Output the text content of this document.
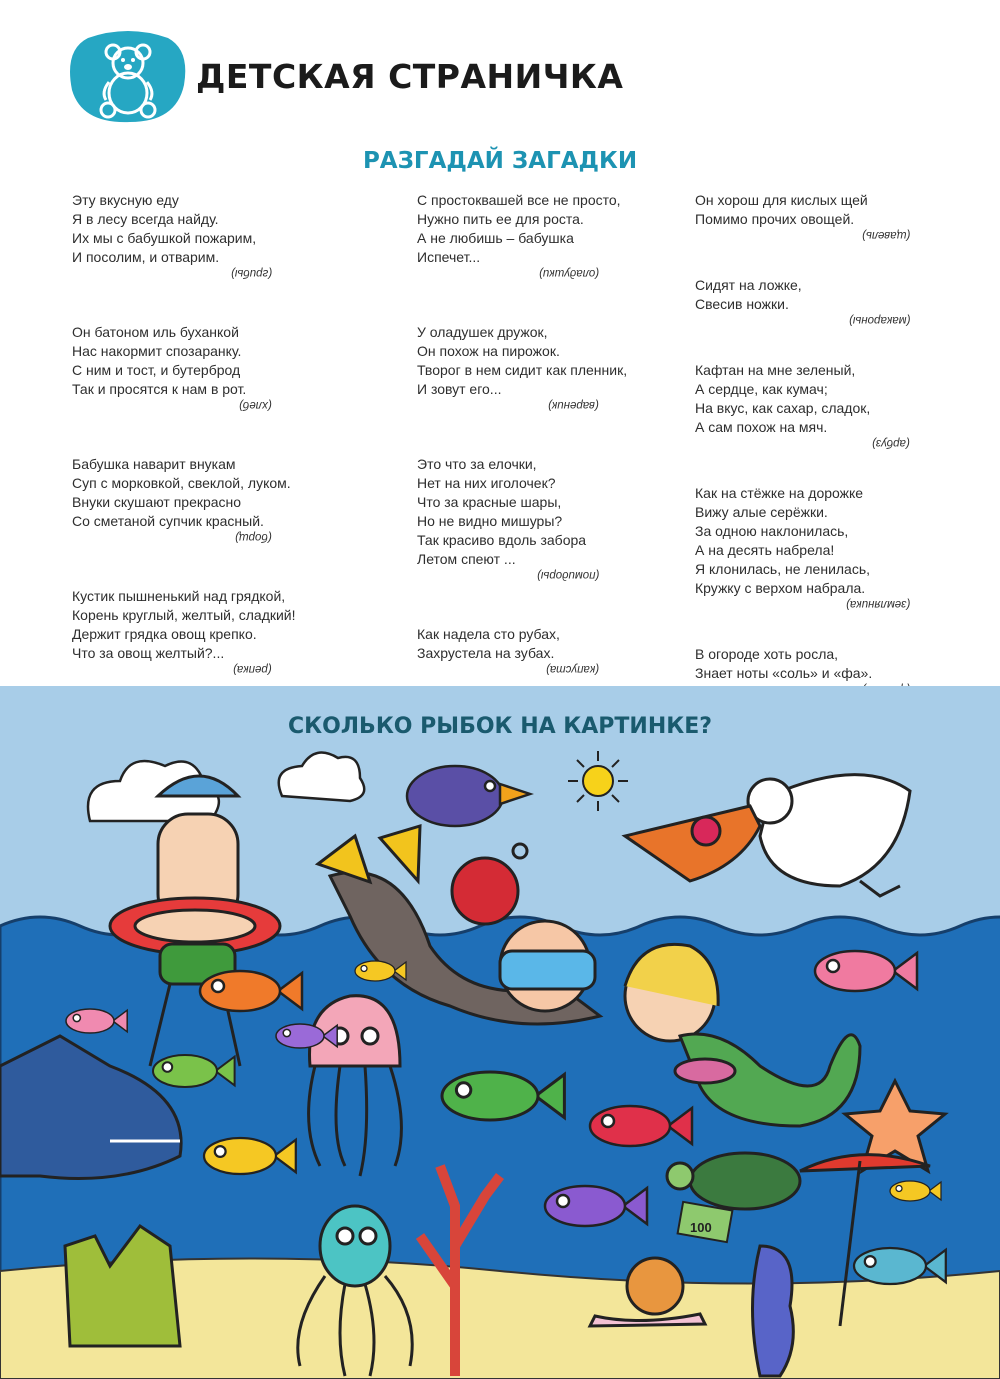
ДЕТСКАЯ СТРАНИЧКА
РАЗГАДАЙ ЗАГАДКИ
Эту вкусную еду
Я в лесу всегда найду.
Их мы с бабушкой пожарим,
И посолим, и отварим.
(грибы)
Он батоном иль буханкой
Нас накормит спозаранку.
С ним и тост, и бутерброд
Так и просятся к нам в рот.
(хлеб)
Бабушка наварит внукам
Суп с морковкой, свеклой, луком.
Внуки скушают прекрасно
Со сметаной супчик красный.
(борщ)
Кустик пышненький над грядкой,
Корень круглый, желтый, сладкий!
Держит грядка овощ крепко.
Что за овощ желтый?...
(репка)
С простоквашей все не просто,
Нужно пить ее для роста.
А не любишь – бабушка
Испечет...
(оладушки)
У оладушек дружок,
Он похож на пирожок.
Творог в нем сидит как пленник,
И зовут его...
(вареник)
Это что за елочки,
Нет на них иголочек?
Что за красные шары,
Но не видно мишуры?
Так красиво вдоль забора
Летом спеют ...
(помидоры)
Как надела сто рубах,
Захрустела на зубах.
(капуста)
Он хорош для кислых щей
Помимо прочих овощей.
(щавель)
Сидят на ложке,
Свесив ножки.
(макароны)
Кафтан на мне зеленый,
А сердце, как кумач;
На вкус, как сахар, сладок,
А сам похож на мяч.
(арбуз)
Как на стёжке на дорожке
Вижу алые серёжки.
За одною наклонилась,
А на десять набрела!
Я клонилась, не ленилась,
Кружку с верхом набрала.
(земляника)
В огороде хоть росла,
Знает ноты «соль» и «фа».
100
СКОЛЬКО РЫБОК НА КАРТИНКЕ?
